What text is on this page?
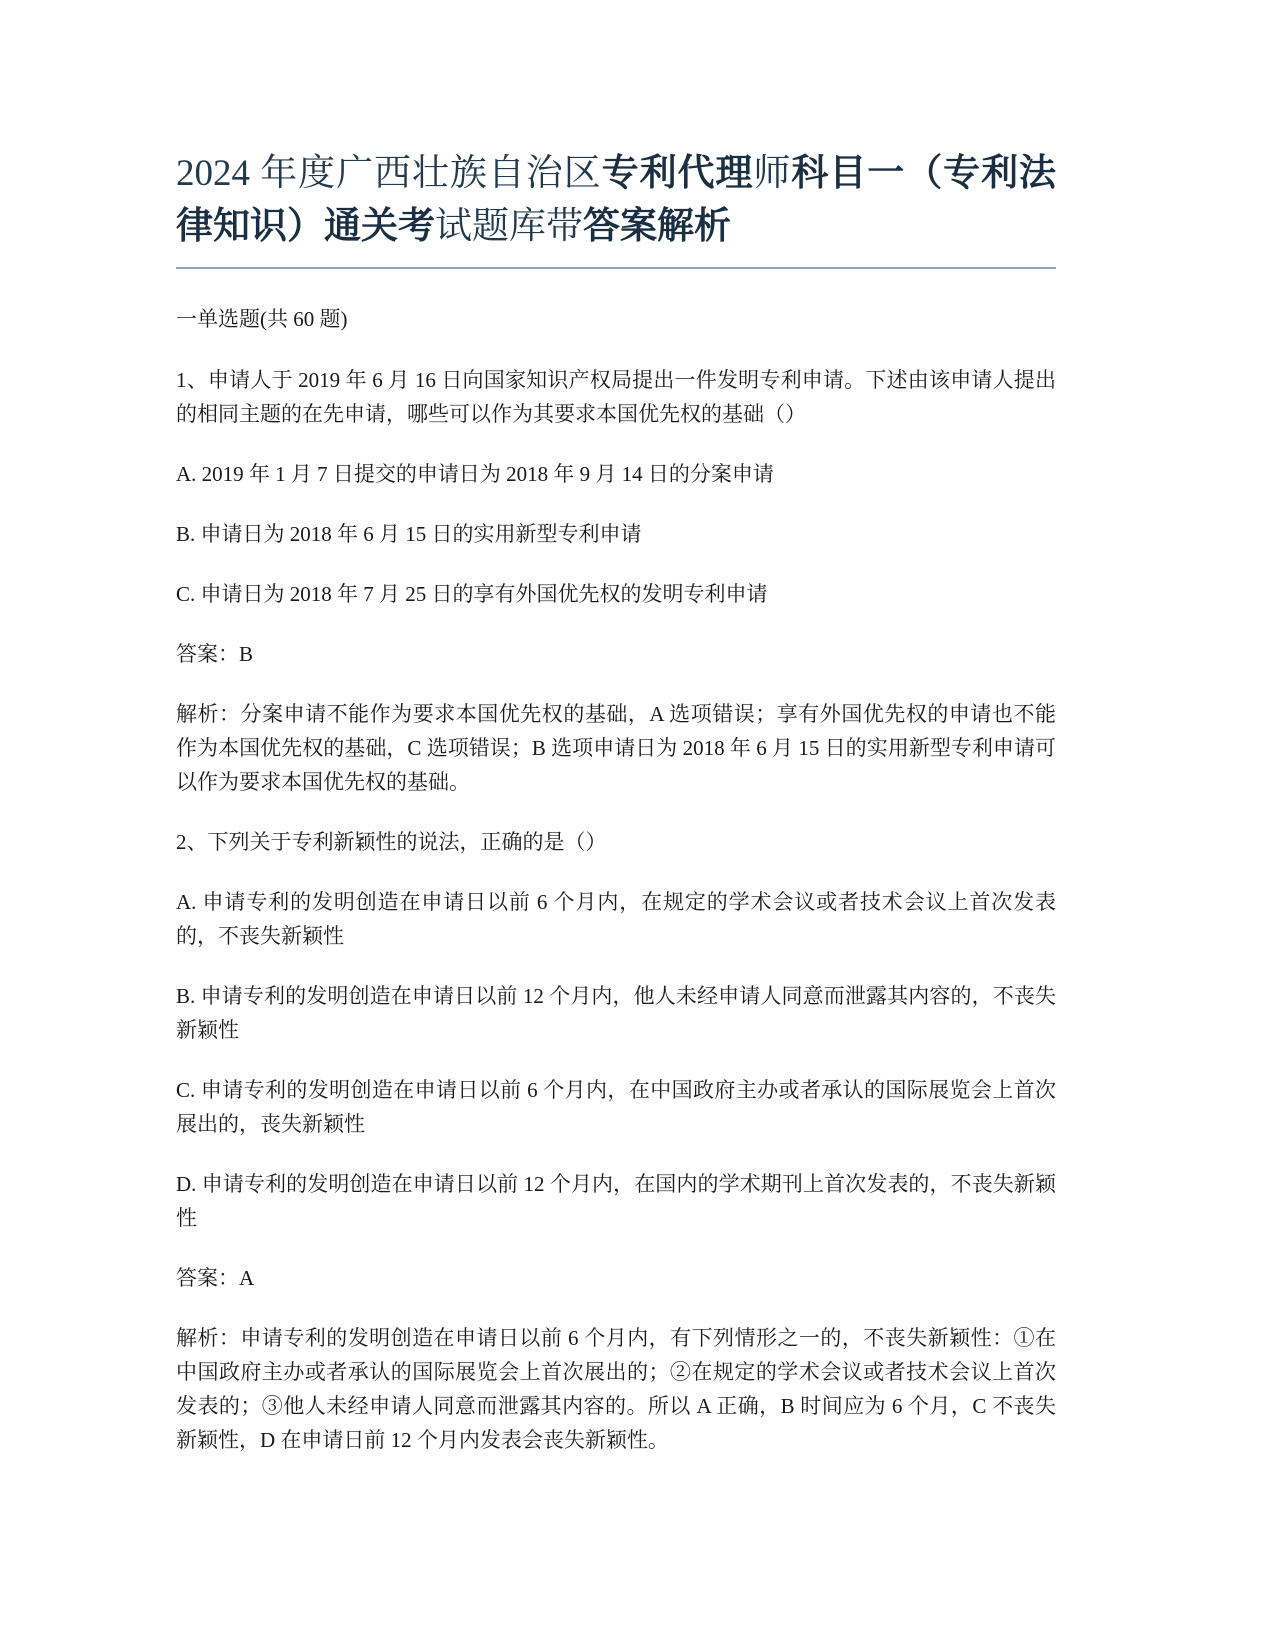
2024 年度广西壮族自治区专利代理师科目一（专利法律知识）通关考试题库带答案解析

一单选题(共 60 题)

1、申请人于 2019 年 6 月 16 日向国家知识产权局提出一件发明专利申请。下述由该申请人提出的相同主题的在先申请，哪些可以作为其要求本国优先权的基础（）

A. 2019 年 1 月 7 日提交的申请日为 2018 年 9 月 14 日的分案申请

B. 申请日为 2018 年 6 月 15 日的实用新型专利申请

C. 申请日为 2018 年 7 月 25 日的享有外国优先权的发明专利申请

答案：B

解析：分案申请不能作为要求本国优先权的基础，A 选项错误；享有外国优先权的申请也不能作为本国优先权的基础，C 选项错误；B 选项申请日为 2018 年 6 月 15 日的实用新型专利申请可以作为要求本国优先权的基础。

2、下列关于专利新颖性的说法，正确的是（）

A. 申请专利的发明创造在申请日以前 6 个月内，在规定的学术会议或者技术会议上首次发表的，不丧失新颖性

B. 申请专利的发明创造在申请日以前 12 个月内，他人未经申请人同意而泄露其内容的，不丧失新颖性

C. 申请专利的发明创造在申请日以前 6 个月内，在中国政府主办或者承认的国际展览会上首次展出的，丧失新颖性

D. 申请专利的发明创造在申请日以前 12 个月内，在国内的学术期刊上首次发表的，不丧失新颖性

答案：A

解析：申请专利的发明创造在申请日以前 6 个月内，有下列情形之一的，不丧失新颖性：①在中国政府主办或者承认的国际展览会上首次展出的；②在规定的学术会议或者技术会议上首次发表的；③他人未经申请人同意而泄露其内容的。所以 A 正确，B 时间应为 6 个月，C 不丧失新颖性，D 在申请日前 12 个月内发表会丧失新颖性。
